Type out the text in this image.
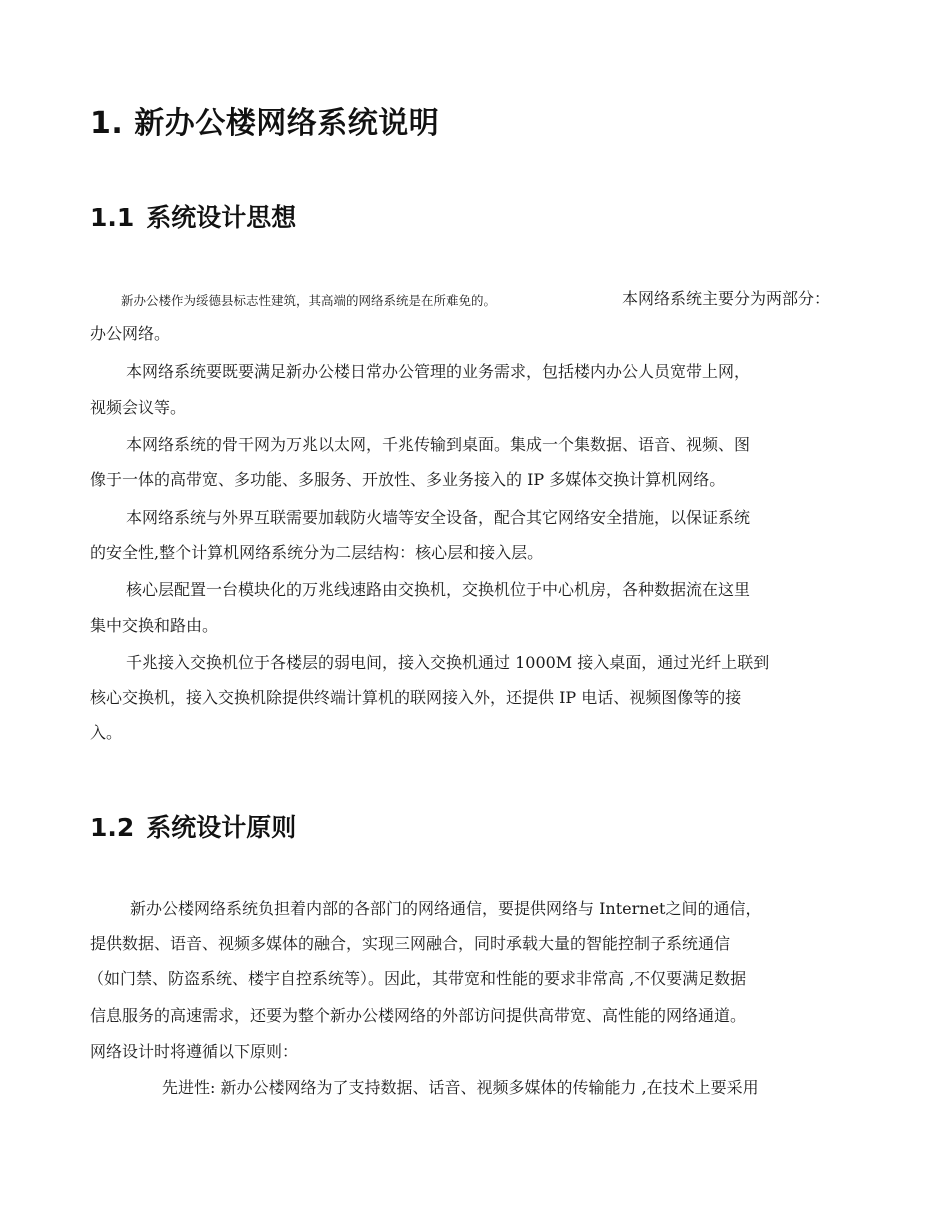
1. 新办公楼网络系统说明
1.1 系统设计思想
新办公楼作为绥德县标志性建筑，其高端的网络系统是在所难免的。	本网络系统主要分为两部分：
办公网络。
本网络系统要既要满足新办公楼日常办公管理的业务需求，包括楼内办公人员宽带上网，
视频会议等。
本网络系统的骨干网为万兆以太网，千兆传输到桌面。集成一个集数据、语音、视频、图
像于一体的高带宽、多功能、多服务、开放性、多业务接入的 IP 多媒体交换计算机网络。
本网络系统与外界互联需要加载防火墙等安全设备，配合其它网络安全措施，以保证系统
的安全性,整个计算机网络系统分为二层结构：核心层和接入层。
核心层配置一台模块化的万兆线速路由交换机，交换机位于中心机房，各种数据流在这里
集中交换和路由。
千兆接入交换机位于各楼层的弱电间，接入交换机通过 1000M 接入桌面，通过光纤上联到
核心交换机，接入交换机除提供终端计算机的联网接入外，还提供 IP 电话、视频图像等的接
入。
1.2 系统设计原则
新办公楼网络系统负担着内部的各部门的网络通信，要提供网络与 Internet之间的通信，
提供数据、语音、视频多媒体的融合，实现三网融合，同时承载大量的智能控制子系统通信
（如门禁、防盗系统、楼宇自控系统等）。因此，其带宽和性能的要求非常高 ,不仅要满足数据
信息服务的高速需求，还要为整个新办公楼网络的外部访问提供高带宽、高性能的网络通道。
网络设计时将遵循以下原则：
先进性: 新办公楼网络为了支持数据、话音、视频多媒体的传输能力 ,在技术上要采用
